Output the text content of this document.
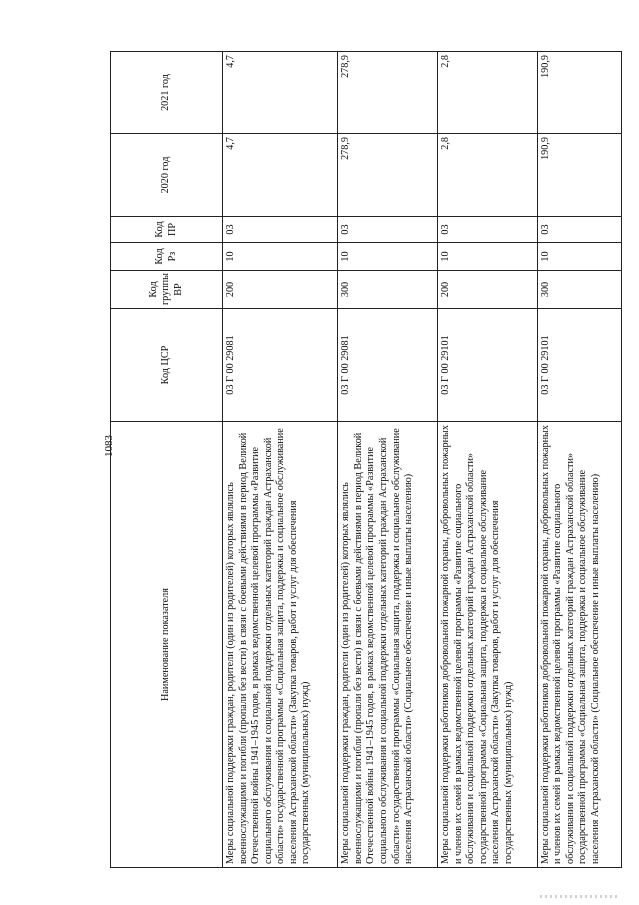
1083
Наименование показателя	Код ЦСР	Код группы ВР	Код Рз	Код ПР	2020 год	2021 год
Меры социальной поддержки граждан, родители (один из родителей) которых являлись военнослужащими и погибли (пропали без вести) в связи с боевыми действиями в период Великой Отечественной войны 1941–1945 годов, в рамках ведомственной целевой программы «Развитие социального обслуживания и социальной поддержки отдельных категорий граждан Астраханской области» государственной программы «Социальная защита, поддержка и социальное обслуживание населения Астраханской области» (Закупка товаров, работ и услуг для обеспечения государственных (муниципальных) нужд)	03 Г 00 29081	200	10	03	4,7	4,7
Меры социальной поддержки граждан, родители (один из родителей) которых являлись военнослужащими и погибли (пропали без вести) в связи с боевыми действиями в период Великой Отечественной войны 1941–1945 годов, в рамках ведомственной целевой программы «Развитие социального обслуживания и социальной поддержки отдельных категорий граждан Астраханской области» государственной программы «Социальная защита, поддержка и социальное обслуживание населения Астраханской области» (Социальное обеспечение и иные выплаты населению)	03 Г 00 29081	300	10	03	278,9	278,9
Меры социальной поддержки работников добровольной пожарной охраны, добровольных пожарных и членов их семей в рамках ведомственной целевой программы «Развитие социального обслуживания и социальной поддержки отдельных категорий граждан Астраханской области» государственной программы «Социальная защита, поддержка и социальное обслуживание населения Астраханской области» (Закупка товаров, работ и услуг для обеспечения государственных (муниципальных) нужд)	03 Г 00 29101	200	10	03	2,8	2,8
Меры социальной поддержки работников добровольной пожарной охраны, добровольных пожарных и членов их семей в рамках ведомственной целевой программы «Развитие социального обслуживания и социальной поддержки отдельных категорий граждан Астраханской области» государственной программы «Социальная защита, поддержка и социальное обслуживание населения Астраханской области» (Социальное обеспечение и иные выплаты населению)	03 Г 00 29101	300	10	03	190,9	190,9
